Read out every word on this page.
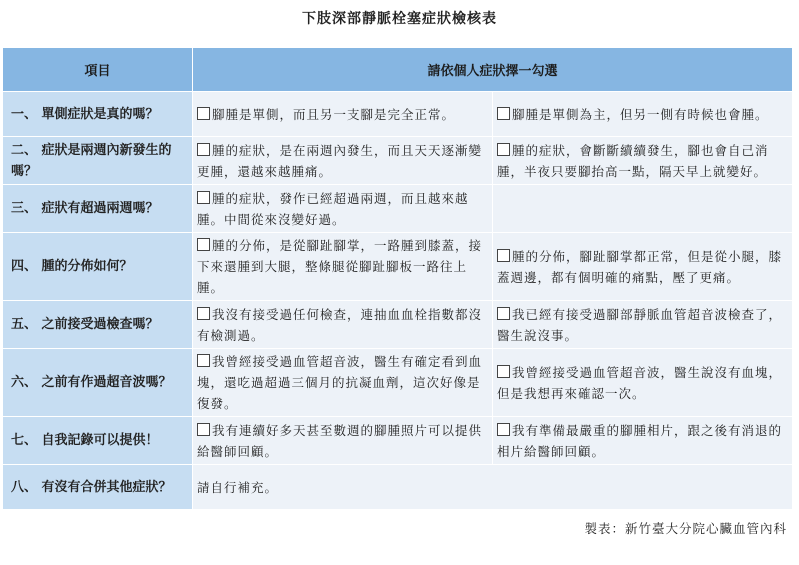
下肢深部靜脈栓塞症狀檢核表
項目	請依個人症狀擇一勾選	
一、 單側症狀是真的嗎？	腳腫是單側，而且另一支腳是完全正常。	腳腫是單側為主，但另一側有時候也會腫。
二、 症狀是兩週內新發生的嗎？	腫的症狀，是在兩週內發生，而且天天逐漸變更腫，還越來越腫痛。	腫的症狀，會斷斷續續發生，腳也會自己消腫，半夜只要腳抬高一點，隔天早上就變好。
三、 症狀有超過兩週嗎？	腫的症狀，發作已經超過兩週，而且越來越腫。中間從來沒變好過。	
四、 腫的分佈如何？	腫的分佈，是從腳趾腳掌，一路腫到膝蓋，接下來還腫到大腿，整條腿從腳趾腳板一路往上腫。	腫的分佈，腳趾腳掌都正常，但是從小腿，膝蓋週邊，都有個明確的痛點，壓了更痛。
五、 之前接受過檢查嗎？	我沒有接受過任何檢查，連抽血血栓指數都沒有檢測過。	我已經有接受過腳部靜脈血管超音波檢查了，醫生說沒事。
六、 之前有作過超音波嗎？	我曾經接受過血管超音波，醫生有確定看到血塊，還吃過超過三個月的抗凝血劑，這次好像是復發。	我曾經接受過血管超音波，醫生說沒有血塊，但是我想再來確認一次。
七、 自我記錄可以提供！	我有連續好多天甚至數週的腳腫照片可以提供給醫師回顧。	我有準備最嚴重的腳腫相片，跟之後有消退的相片給醫師回顧。
八、 有沒有合併其他症狀？	請自行補充。	
製表：新竹臺大分院心臟血管內科
